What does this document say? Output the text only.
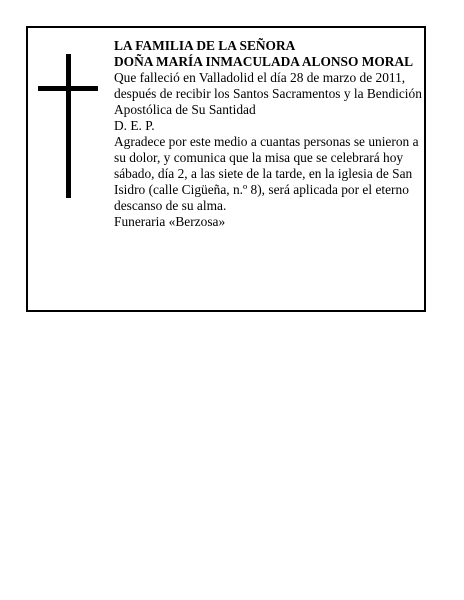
LA FAMILIA DE LA SEÑORA

DOÑA MARÍA INMACULADA ALONSO MORAL

Que falleció en Valladolid el día 28 de marzo de 2011, después de recibir los Santos Sacramentos y la Bendición Apostólica de Su Santidad

D. E. P.

Agradece por este medio a cuantas personas se unieron a su dolor, y comunica que la misa que se celebrará hoy sábado, día 2, a las siete de la tarde, en la iglesia de San Isidro (calle Cigüeña, n.º 8), será aplicada por el eterno descanso de su alma.

Funeraria «Berzosa»
